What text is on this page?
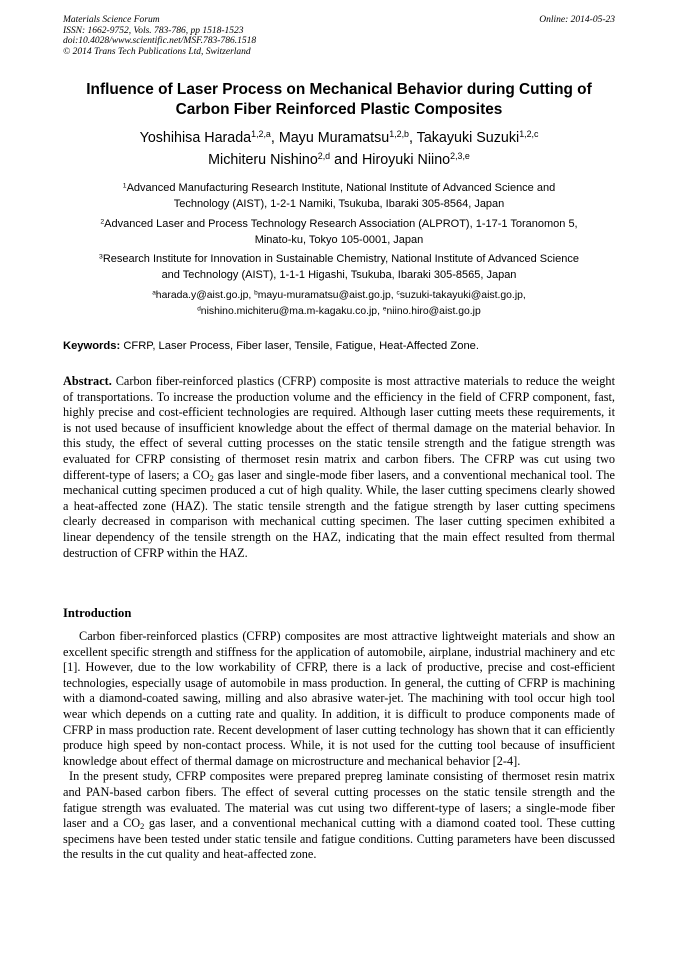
Materials Science Forum
ISSN: 1662-9752, Vols. 783-786, pp 1518-1523
doi:10.4028/www.scientific.net/MSF.783-786.1518
© 2014 Trans Tech Publications Ltd, Switzerland
Online: 2014-05-23
Influence of Laser Process on Mechanical Behavior during Cutting of
Carbon Fiber Reinforced Plastic Composites
Yoshihisa Harada$^{1,2,a}$, Mayu Muramatsu$^{1,2,b}$, Takayuki Suzuki$^{1,2,c}$
Michiteru Nishino$^{2,d}$ and Hiroyuki Niino$^{2,3,e}$
$^1$Advanced Manufacturing Research Institute, National Institute of Advanced Science and
Technology (AIST), 1-2-1 Namiki, Tsukuba, Ibaraki 305-8564, Japan
$^2$Advanced Laser and Process Technology Research Association (ALPROT), 1-17-1 Toranomon 5,
Minato-ku, Tokyo 105-0001, Japan
$^3$Research Institute for Innovation in Sustainable Chemistry, National Institute of Advanced Science
and Technology (AIST), 1-1-1 Higashi, Tsukuba, Ibaraki 305-8565, Japan
$^a$harada.y@aist.go.jp, $^b$mayu-muramatsu@aist.go.jp, $^c$suzuki-takayuki@aist.go.jp,
$^d$nishino.michiteru@ma.m-kagaku.co.jp, $^e$niino.hiro@aist.go.jp
Keywords: CFRP, Laser Process, Fiber laser, Tensile, Fatigue, Heat-Affected Zone.
Abstract. Carbon fiber-reinforced plastics (CFRP) composite is most attractive materials to reduce the weight of transportations. To increase the production volume and the efficiency in the field of CFRP component, fast, highly precise and cost-efficient technologies are required. Although laser cutting meets these requirements, it is not used because of insufficient knowledge about the effect of thermal damage on the material behavior. In this study, the effect of several cutting processes on the static tensile strength and the fatigue strength was evaluated for CFRP consisting of thermoset resin matrix and carbon fibers. The CFRP was cut using two different-type of lasers; a $CO_2$ gas laser and single-mode fiber lasers, and a conventional mechanical tool. The mechanical cutting specimen produced a cut of high quality. While, the laser cutting specimens clearly showed a heat-affected zone (HAZ). The static tensile strength and the fatigue strength by laser cutting specimens clearly decreased in comparison with mechanical cutting specimen. The laser cutting specimen exhibited a linear dependency of the tensile strength on the HAZ, indicating that the main effect resulted from thermal destruction of CFRP within the HAZ.
Introduction

Carbon fiber-reinforced plastics (CFRP) composites are most attractive lightweight materials and show an excellent specific strength and stiffness for the application of automobile, airplane, industrial machinery and etc [1]. However, due to the low workability of CFRP, there is a lack of productive, precise and cost-efficient technologies, especially usage of automobile in mass production. In general, the cutting of CFRP is machining with a diamond-coated sawing, milling and also abrasive water-jet. The machining with tool occur high tool wear which depends on a cutting rate and quality. In addition, it is difficult to produce components made of CFRP in mass production rate. Recent development of laser cutting technology has shown that it can efficiently produce high speed by non-contact process. While, it is not used for the cutting tool because of insufficient knowledge about effect of thermal damage on microstructure and mechanical behavior [2-4].

In the present study, CFRP composites were prepared prepreg laminate consisting of thermoset resin matrix and PAN-based carbon fibers. The effect of several cutting processes on the static tensile strength and the fatigue strength was evaluated. The material was cut using two different-type of lasers; a single-mode fiber laser and a $CO_2$ gas laser, and a conventional mechanical cutting with a diamond coated tool. These cutting specimens have been tested under static tensile and fatigue conditions. Cutting parameters have been discussed the results in the cut quality and heat-affected zone.
